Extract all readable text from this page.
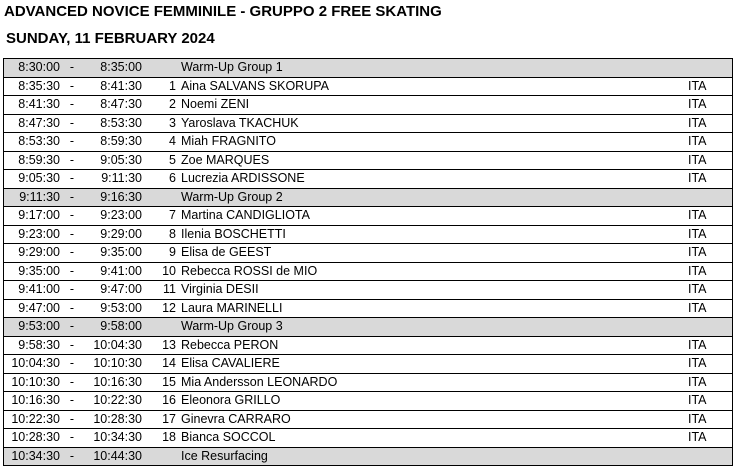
ADVANCED NOVICE FEMMINILE - GRUPPO 2 FREE SKATING
SUNDAY, 11 FEBRUARY 2024
8:30:00	-	8:35:00		Warm-Up Group 1	
8:35:30	-	8:41:30	1	Aina SALVANS SKORUPA	ITA
8:41:30	-	8:47:30	2	Noemi ZENI	ITA
8:47:30	-	8:53:30	3	Yaroslava TKACHUK	ITA
8:53:30	-	8:59:30	4	Miah FRAGNITO	ITA
8:59:30	-	9:05:30	5	Zoe MARQUES	ITA
9:05:30	-	9:11:30	6	Lucrezia ARDISSONE	ITA
9:11:30	-	9:16:30		Warm-Up Group 2	
9:17:00	-	9:23:00	7	Martina CANDIGLIOTA	ITA
9:23:00	-	9:29:00	8	Ilenia BOSCHETTI	ITA
9:29:00	-	9:35:00	9	Elisa de GEEST	ITA
9:35:00	-	9:41:00	10	Rebecca ROSSI de MIO	ITA
9:41:00	-	9:47:00	11	Virginia DESII	ITA
9:47:00	-	9:53:00	12	Laura MARINELLI	ITA
9:53:00	-	9:58:00		Warm-Up Group 3	
9:58:30	-	10:04:30	13	Rebecca PERON	ITA
10:04:30	-	10:10:30	14	Elisa CAVALIERE	ITA
10:10:30	-	10:16:30	15	Mia Andersson LEONARDO	ITA
10:16:30	-	10:22:30	16	Eleonora GRILLO	ITA
10:22:30	-	10:28:30	17	Ginevra CARRARO	ITA
10:28:30	-	10:34:30	18	Bianca SOCCOL	ITA
10:34:30	-	10:44:30		Ice Resurfacing	
